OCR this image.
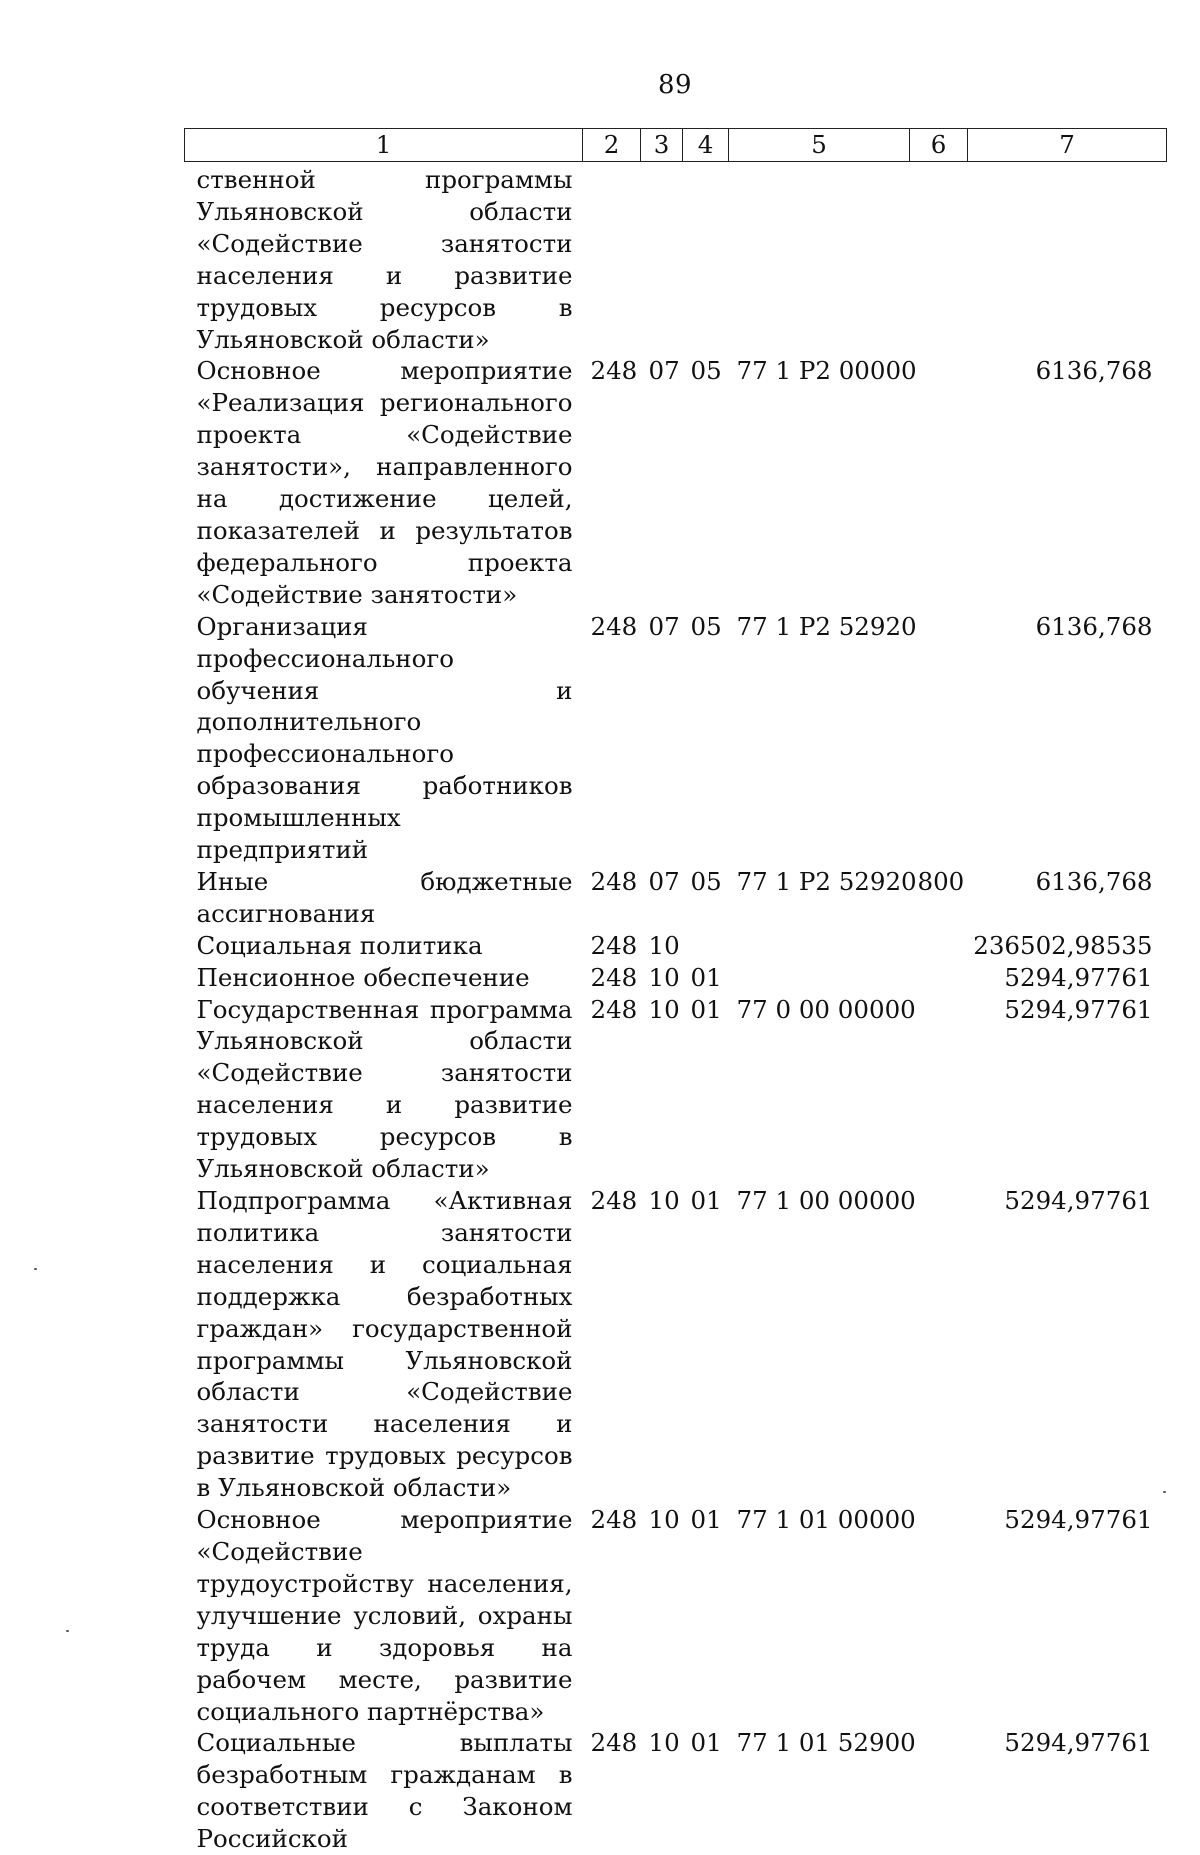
89
1	2	3	4	5	6	7
ственной программы Ульяновской области «Содействие занятости населения и развитие трудовых ресурсов в Ульяновской области»						
Основное мероприятие «Реализация регионального проекта «Содействие занятости», направленного на достижение целей, показателей и результатов федерального проекта «Содействие занятости»	248	07	05	77 1 P2 00000		6136,768
Организация профессионального обучения и дополнительного профессионального образования работников промышленных предприятий	248	07	05	77 1 P2 52920		6136,768
Иные бюджетные ассигнования	248	07	05	77 1 P2 52920	800	6136,768
Социальная политика	248	10				236502,98535
Пенсионное обеспечение	248	10	01			5294,97761
Государственная программа Ульяновской области «Содействие занятости населения и развитие трудовых ресурсов в Ульяновской области»	248	10	01	77 0 00 00000		5294,97761
Подпрограмма «Активная политика занятости населения и социальная поддержка безработных граждан» государственной программы Ульяновской области «Содействие занятости населения и развитие трудовых ресурсов в Ульяновской области»	248	10	01	77 1 00 00000		5294,97761
Основное мероприятие «Содействие трудоустройству населения, улучшение условий, охраны труда и здоровья на рабочем месте, развитие социального партнёрства»	248	10	01	77 1 01 00000		5294,97761
Социальные выплаты безработным гражданам в соответствии с Законом Российской	248	10	01	77 1 01 52900		5294,97761
